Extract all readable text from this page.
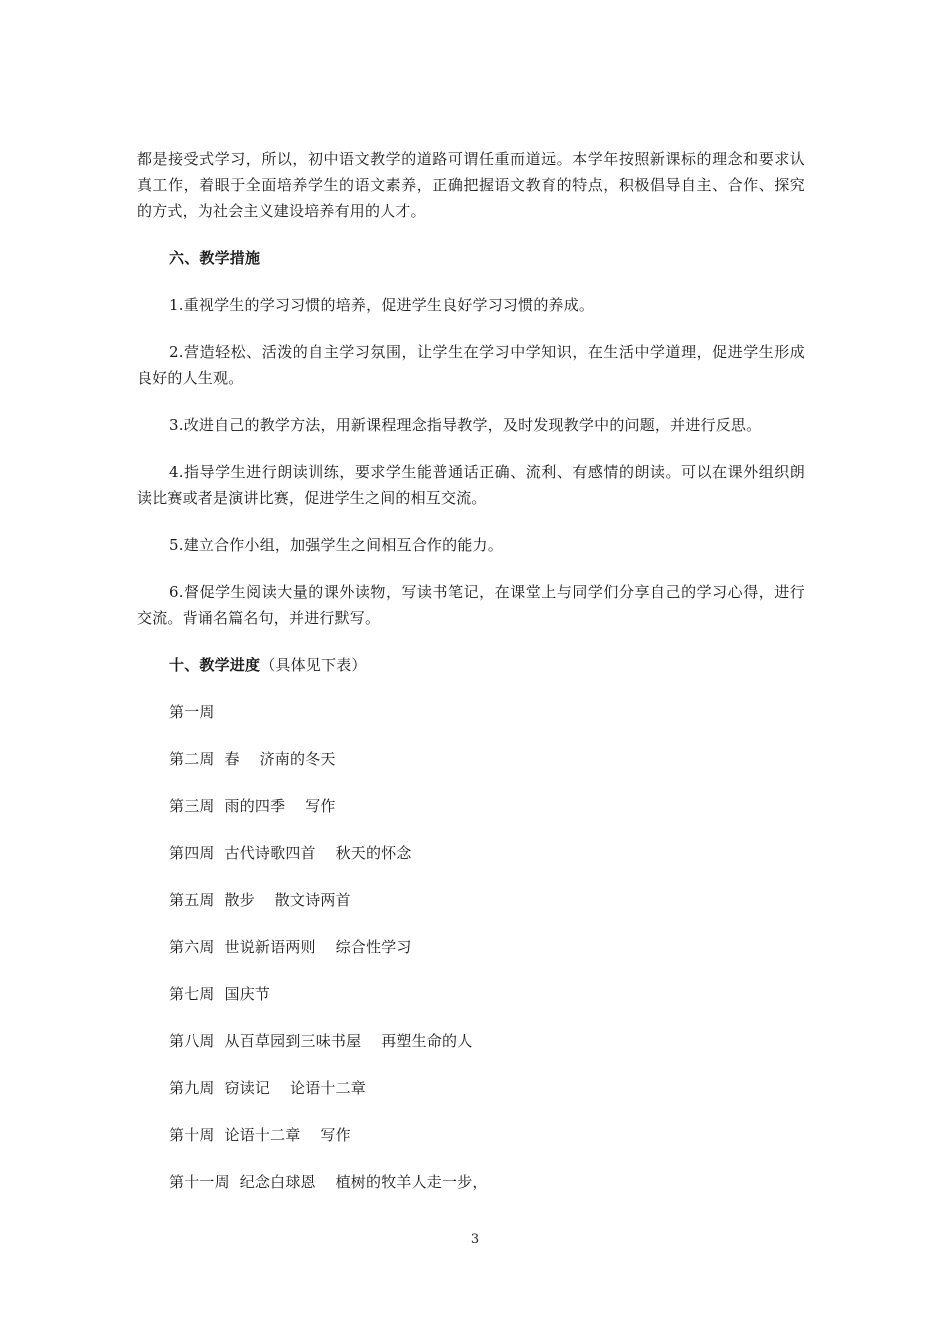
都是接受式学习，所以，初中语文教学的道路可谓任重而道远。本学年按照新课标的理念和要求认真工作，着眼于全面培养学生的语文素养，正确把握语文教育的特点，积极倡导自主、合作、探究的方式，为社会主义建设培养有用的人才。

六、教学措施

1.重视学生的学习习惯的培养，促进学生良好学习习惯的养成。

2.营造轻松、活泼的自主学习氛围，让学生在学习中学知识，在生活中学道理，促进学生形成良好的人生观。

3.改进自己的教学方法，用新课程理念指导教学，及时发现教学中的问题，并进行反思。

4.指导学生进行朗读训练，要求学生能普通话正确、流利、有感情的朗读。可以在课外组织朗读比赛或者是演讲比赛，促进学生之间的相互交流。

5.建立合作小组，加强学生之间相互合作的能力。

6.督促学生阅读大量的课外读物，写读书笔记，在课堂上与同学们分享自己的学习心得，进行交流。背诵名篇名句，并进行默写。

十、教学进度（具体见下表）
第一周
第二周  春    济南的冬天
第三周  雨的四季    写作
第四周  古代诗歌四首    秋天的怀念
第五周  散步    散文诗两首
第六周  世说新语两则    综合性学习
第七周  国庆节
第八周  从百草园到三味书屋    再塑生命的人
第九周  窃读记    论语十二章
第十周  论语十二章    写作
第十一周  纪念白球恩    植树的牧羊人走一步，
3
